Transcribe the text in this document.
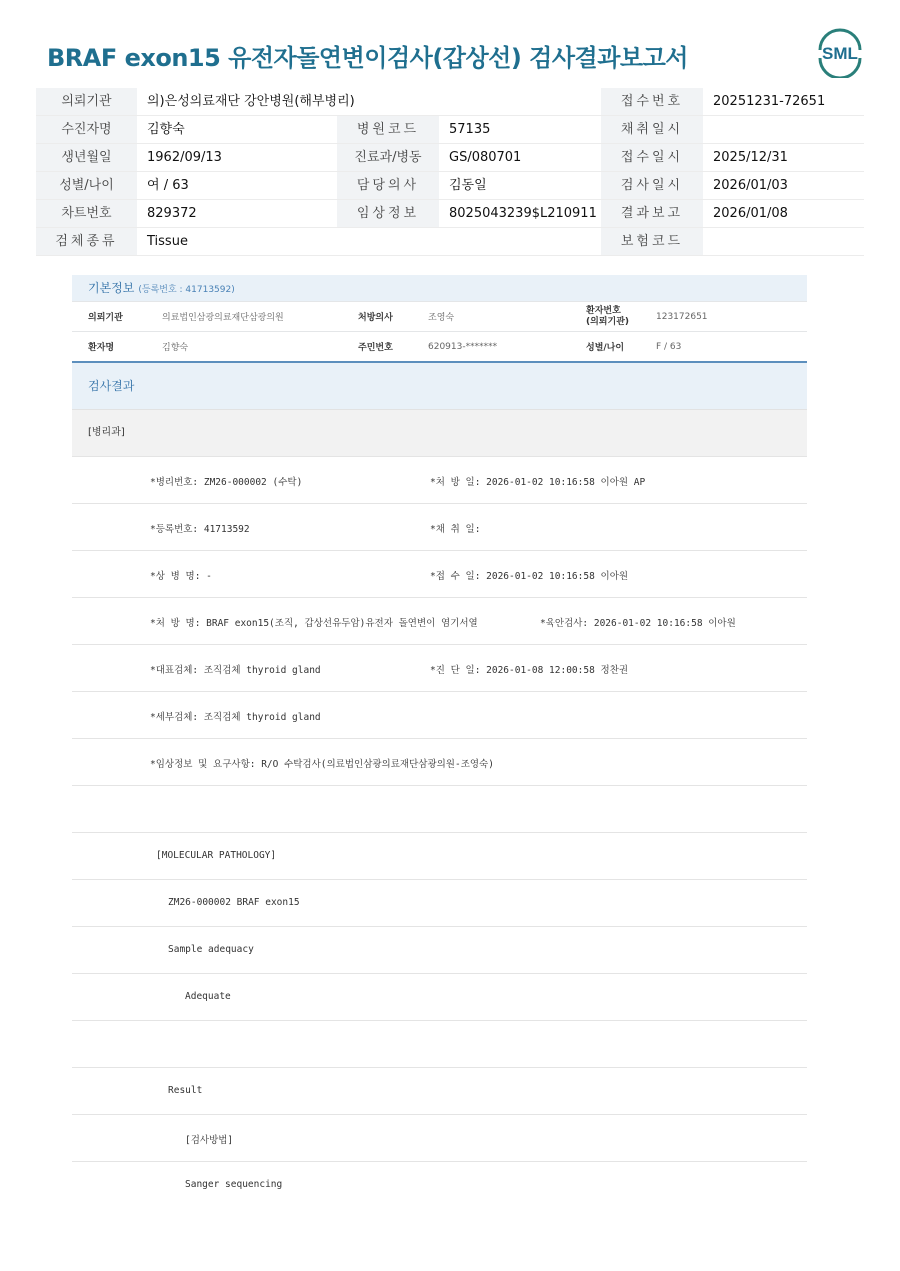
BRAF exon15 유전자돌연변이검사(갑상선) 검사결과보고서	SML
의뢰기관	의)은성의료재단 강안병원(해부병리)			접수번호	20251231-72651
수진자명	김향숙	병원코드	57135	채취일시	
생년월일	1962/09/13	진료과/병동	GS/080701	접수일시	2025/12/31
성별/나이	여 / 63	담당의사	김동일	검사일시	2026/01/03
차트번호	829372	임상정보	8025043239$L210911	결과보고	2026/01/08
검체종류	Tissue			보험코드	
기본정보 (등록번호 : 41713592)
의뢰기관	의료법인삼광의료재단삼광의원	처방의사	조영숙	환자번호
(의뢰기관)	123172651
환자명	김향숙	주민번호	620913-*******	성별/나이	F / 63
검사결과
[병리과]
*병리번호: ZM26-000002 (수탁)	*처 방 일: 2026-01-02 10:16:58 이아원 AP
*등록번호: 41713592	*채 취 일:
*상 병 명: -	*접 수 일: 2026-01-02 10:16:58 이아원
*처 방 명: BRAF exon15(조직, 갑상선유두암)유전자 돌연변이 염기서열	*육안검사: 2026-01-02 10:16:58 이아원
*대표검체: 조직검체 thyroid gland	*진 단 일: 2026-01-08 12:00:58 정찬권
*세부검체: 조직검체 thyroid gland
*임상정보 및 요구사항: R/O 수탁검사(의료법인삼광의료재단삼광의원-조영숙)
[MOLECULAR PATHOLOGY]
ZM26-000002 BRAF exon15
Sample adequacy
Adequate
Result
[검사방법]
Sanger sequencing
